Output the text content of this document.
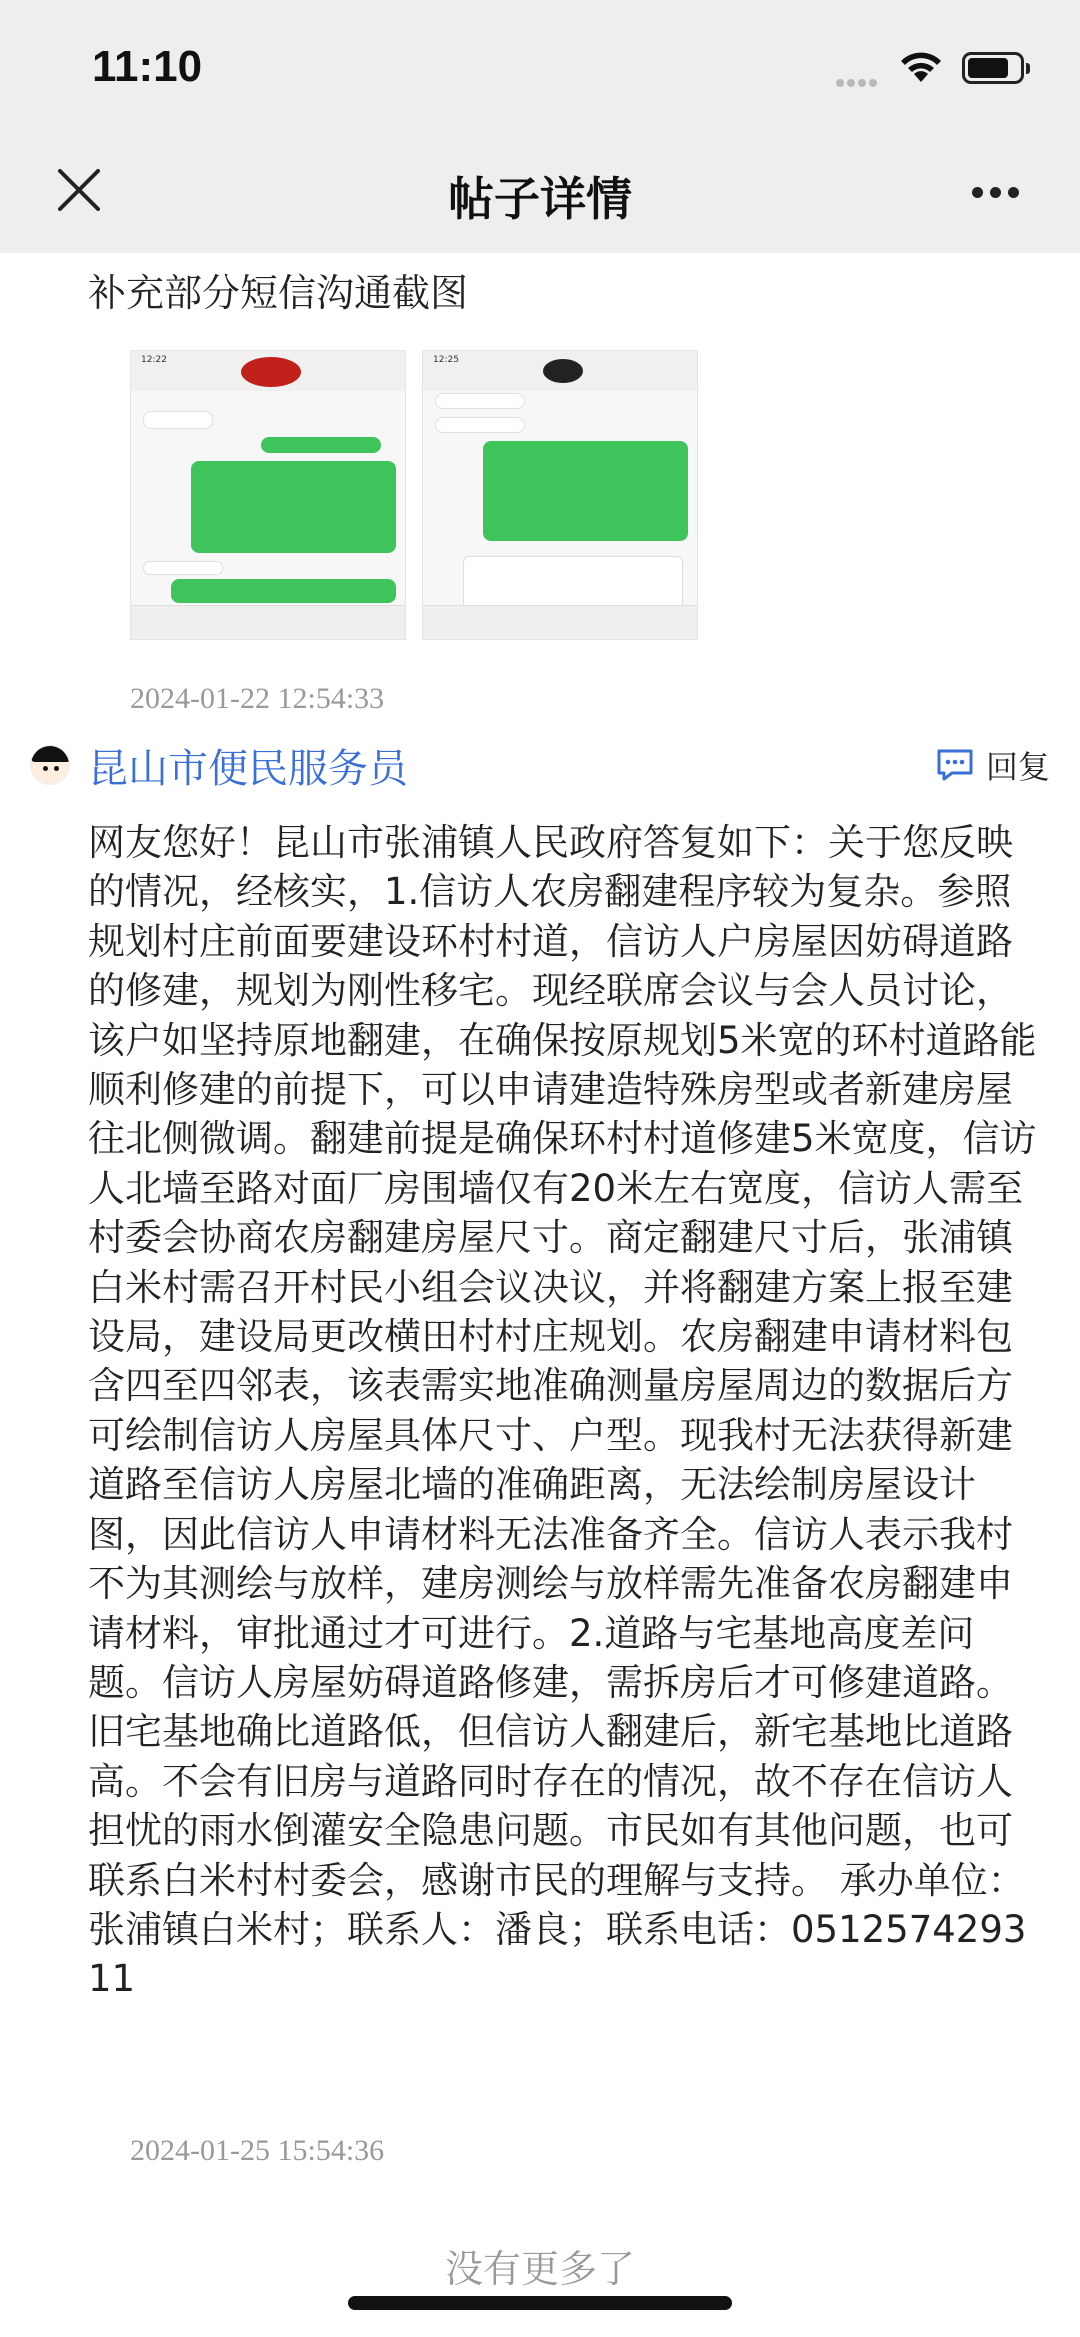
11:10
帖子详情
补充部分短信沟通截图
12:22	12:25
2024-01-22 12:54:33
昆山市便民服务员	回复
网友您好！昆山市张浦镇人民政府答复如下：关于您反映的情况，经核实，1.信访人农房翻建程序较为复杂。参照规划村庄前面要建设环村村道，信访人户房屋因妨碍道路的修建，规划为刚性移宅。现经联席会议与会人员讨论，该户如坚持原地翻建，在确保按原规划5米宽的环村道路能顺利修建的前提下，可以申请建造特殊房型或者新建房屋往北侧微调。翻建前提是确保环村村道修建5米宽度，信访人北墙至路对面厂房围墙仅有20米左右宽度，信访人需至村委会协商农房翻建房屋尺寸。商定翻建尺寸后，张浦镇白米村需召开村民小组会议决议，并将翻建方案上报至建设局，建设局更改横田村村庄规划。农房翻建申请材料包含四至四邻表，该表需实地准确测量房屋周边的数据后方可绘制信访人房屋具体尺寸、户型。现我村无法获得新建道路至信访人房屋北墙的准确距离，无法绘制房屋设计图，因此信访人申请材料无法准备齐全。信访人表示我村不为其测绘与放样，建房测绘与放样需先准备农房翻建申请材料，审批通过才可进行。2.道路与宅基地高度差问题。信访人房屋妨碍道路修建，需拆房后才可修建道路。旧宅基地确比道路低，但信访人翻建后，新宅基地比道路高。不会有旧房与道路同时存在的情况，故不存在信访人担忧的雨水倒灌安全隐患问题。市民如有其他问题，也可联系白米村村委会，感谢市民的理解与支持。 承办单位：张浦镇白米村；联系人：潘良；联系电话：051257429311
2024-01-25 15:54:36
没有更多了
